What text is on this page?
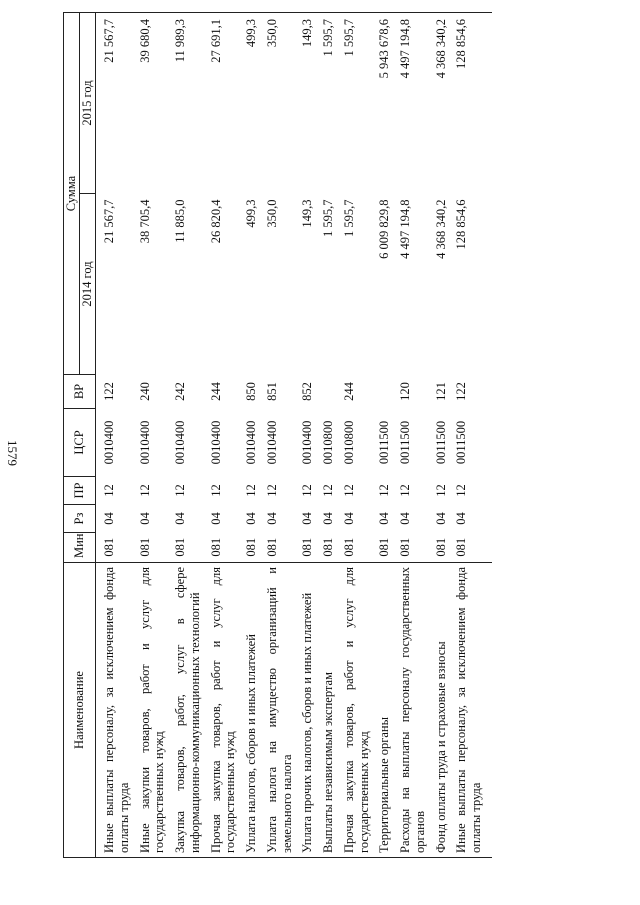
1579
Наименование	Мин	Рз	ПР	ЦСР	ВР	Сумма	
						2014 год	2015 год
Иные выплаты персоналу, за исключением фонда оплаты труда	081	04	12	0010400	122	21 567,7	21 567,7
Иные закупки товаров, работ и услуг для государственных нужд	081	04	12	0010400	240	38 705,4	39 680,4
Закупка товаров, работ, услуг в сфере информационно-коммуникационных технологий	081	04	12	0010400	242	11 885,0	11 989,3
Прочая закупка товаров, работ и услуг для государственных нужд	081	04	12	0010400	244	26 820,4	27 691,1
Уплата налогов, сборов и иных платежей	081	04	12	0010400	850	499,3	499,3
Уплата налога на имущество организаций и земельного налога	081	04	12	0010400	851	350,0	350,0
Уплата прочих налогов, сборов и иных платежей	081	04	12	0010400	852	149,3	149,3
Выплаты независимым экспертам	081	04	12	0010800		1 595,7	1 595,7
Прочая закупка товаров, работ и услуг для государственных нужд	081	04	12	0010800	244	1 595,7	1 595,7
Территориальные органы	081	04	12	0011500		6 009 829,8	5 943 678,6
Расходы на выплаты персоналу государственных органов	081	04	12	0011500	120	4 497 194,8	4 497 194,8
Фонд оплаты труда и страховые взносы	081	04	12	0011500	121	4 368 340,2	4 368 340,2
Иные выплаты персоналу, за исключением фонда оплаты труда	081	04	12	0011500	122	128 854,6	128 854,6
